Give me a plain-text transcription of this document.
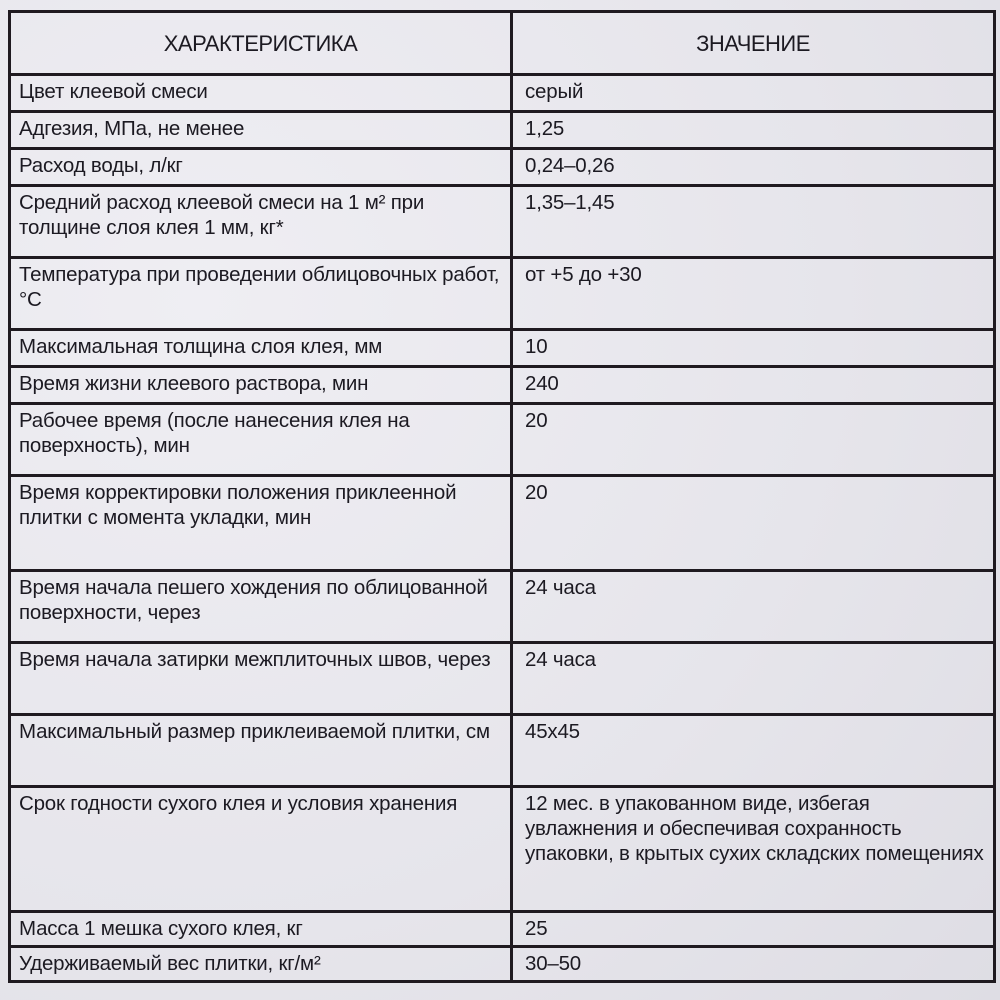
ХАРАКТЕРИСТИКА	ЗНАЧЕНИЕ
Цвет клеевой смеси	серый
Адгезия, МПа, не менее	1,25
Расход воды, л/кг	0,24–0,26
Средний расход клеевой смеси на 1 м² при толщине слоя клея 1 мм, кг*	1,35–1,45
Температура при проведении облицовочных работ, °С	от +5 до +30
Максимальная толщина слоя клея, мм	10
Время жизни клеевого раствора, мин	240
Рабочее время (после нанесения клея на поверхность), мин	20
Время корректировки положения приклеенной плитки с момента укладки, мин	20
Время начала пешего хождения по облицованной поверхности, через	24 часа
Время начала затирки межплиточных швов, через	24 часа
Максимальный размер приклеиваемой плитки, см	45х45
Срок годности сухого клея и условия хранения	12 мес. в упакованном виде, избегая увлажнения и обеспечивая сохранность упаковки, в крытых сухих складских помещениях
Масса 1 мешка сухого клея, кг	25
Удерживаемый вес плитки, кг/м²	30–50
